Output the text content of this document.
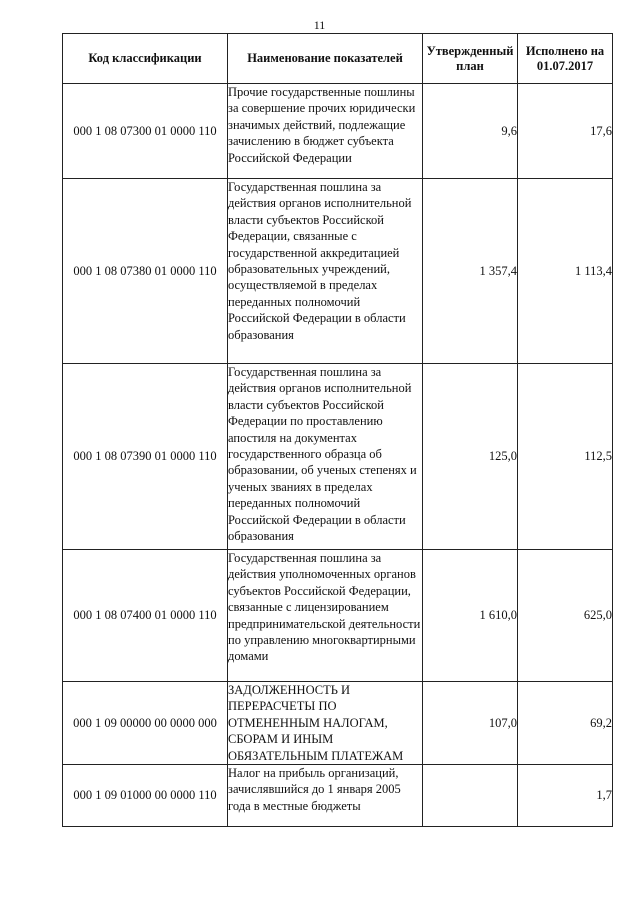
11
Код классификации	Наименование показателей	Утвержденный план	Исполнено на 01.07.2017
000 1 08 07300 01 0000 110	Прочие государственные пошлины за совершение прочих юридически значимых действий, подлежащие зачислению в бюджет субъекта Российской Федерации	9,6	17,6
000 1 08 07380 01 0000 110	Государственная пошлина за действия органов исполнительной власти субъектов Российской Федерации, связанные с государственной аккредитацией образовательных учреждений, осуществляемой в пределах переданных полномочий Российской Федерации в области образования	1 357,4	1 113,4
000 1 08 07390 01 0000 110	Государственная пошлина за действия органов исполнительной власти субъектов Российской Федерации по проставлению апостиля на документах государственного образца об образовании, об ученых степенях и ученых званиях в пределах переданных полномочий Российской Федерации в области образования	125,0	112,5
000 1 08 07400 01 0000 110	Государственная пошлина за действия уполномоченных органов субъектов Российской Федерации, связанные с лицензированием предпринимательской деятельности по управлению многоквартирными домами	1 610,0	625,0
000 1 09 00000 00 0000 000	ЗАДОЛЖЕННОСТЬ И ПЕРЕРАСЧЕТЫ ПО ОТМЕНЕННЫМ НАЛОГАМ, СБОРАМ И ИНЫМ ОБЯЗАТЕЛЬНЫМ ПЛАТЕЖАМ	107,0	69,2
000 1 09 01000 00 0000 110	Налог на прибыль организаций, зачислявшийся до 1 января 2005 года в местные бюджеты		1,7
